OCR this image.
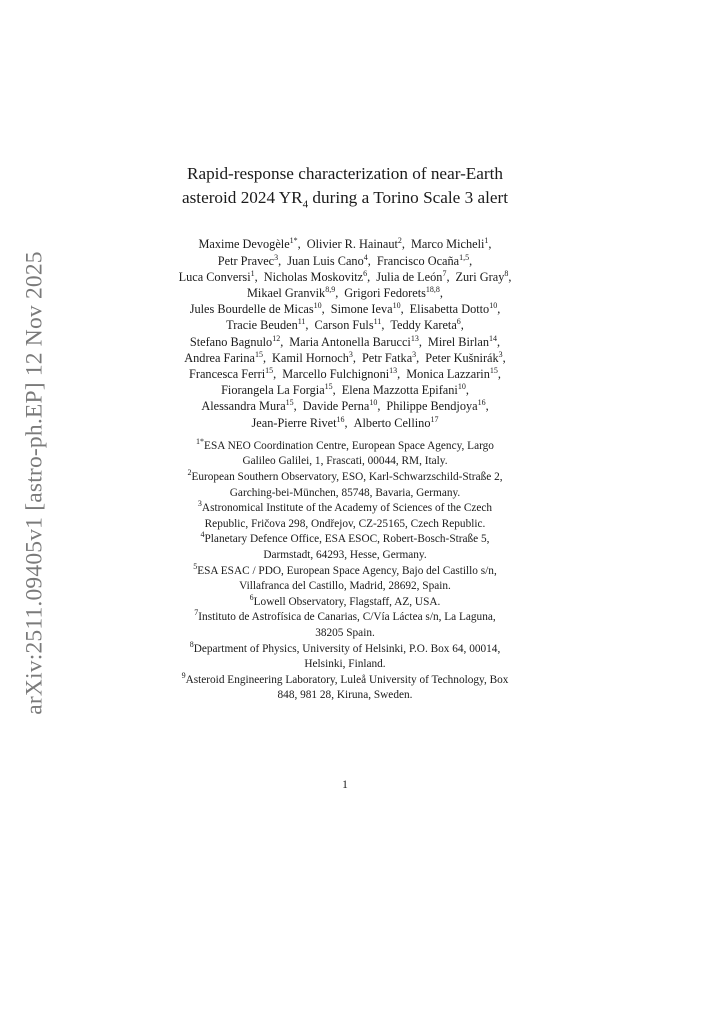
arXiv:2511.09405v1 [astro-ph.EP] 12 Nov 2025
Rapid-response characterization of near-Earth
asteroid 2024 $YR_4$ during a Torino Scale 3 alert
Maxime Devogèle$^{1*}$, Olivier R. Hainaut$^2$, Marco Micheli$^1$,
Petr Pravec$^3$, Juan Luis Cano$^4$, Francisco Ocaña$^{1,5}$,
Luca Conversi$^1$, Nicholas Moskovitz$^6$, Julia de León$^7$, Zuri Gray$^8$,
Mikael Granvik$^{8,9}$, Grigori Fedorets$^{18,8}$,
Jules Bourdelle de Micas$^{10}$, Simone Ieva$^{10}$, Elisabetta Dotto$^{10}$,
Tracie Beuden$^{11}$, Carson Fuls$^{11}$, Teddy Kareta$^6$,
Stefano Bagnulo$^{12}$, Maria Antonella Barucci$^{13}$, Mirel Birlan$^{14}$,
Andrea Farina$^{15}$, Kamil Hornoch$^3$, Petr Fatka$^3$, Peter Kušnirák$^3$,
Francesca Ferri$^{15}$, Marcello Fulchignoni$^{13}$, Monica Lazzarin$^{15}$,
Fiorangela La Forgia$^{15}$, Elena Mazzotta Epifani$^{10}$,
Alessandra Mura$^{15}$, Davide Perna$^{10}$, Philippe Bendjoya$^{16}$,
Jean-Pierre Rivet$^{16}$, Alberto Cellino$^{17}$
$^{1*}$ESA NEO Coordination Centre, European Space Agency, Largo
Galileo Galilei, 1, Frascati, 00044, RM, Italy.
$^2$European Southern Observatory, ESO, Karl-Schwarzschild-Straße 2,
Garching-bei-München, 85748, Bavaria, Germany.
$^3$Astronomical Institute of the Academy of Sciences of the Czech
Republic, Fričova 298, Ondřejov, CZ-25165, Czech Republic.
$^4$Planetary Defence Office, ESA ESOC, Robert-Bosch-Straße 5,
Darmstadt, 64293, Hesse, Germany.
$^5$ESA ESAC / PDO, European Space Agency, Bajo del Castillo s/n,
Villafranca del Castillo, Madrid, 28692, Spain.
$^6$Lowell Observatory, Flagstaff, AZ, USA.
$^7$Instituto de Astrofísica de Canarias, C/Vía Láctea s/n, La Laguna,
38205 Spain.
$^8$Department of Physics, University of Helsinki, P.O. Box 64, 00014,
Helsinki, Finland.
$^9$Asteroid Engineering Laboratory, Luleå University of Technology, Box
848, 981 28, Kiruna, Sweden.
1
